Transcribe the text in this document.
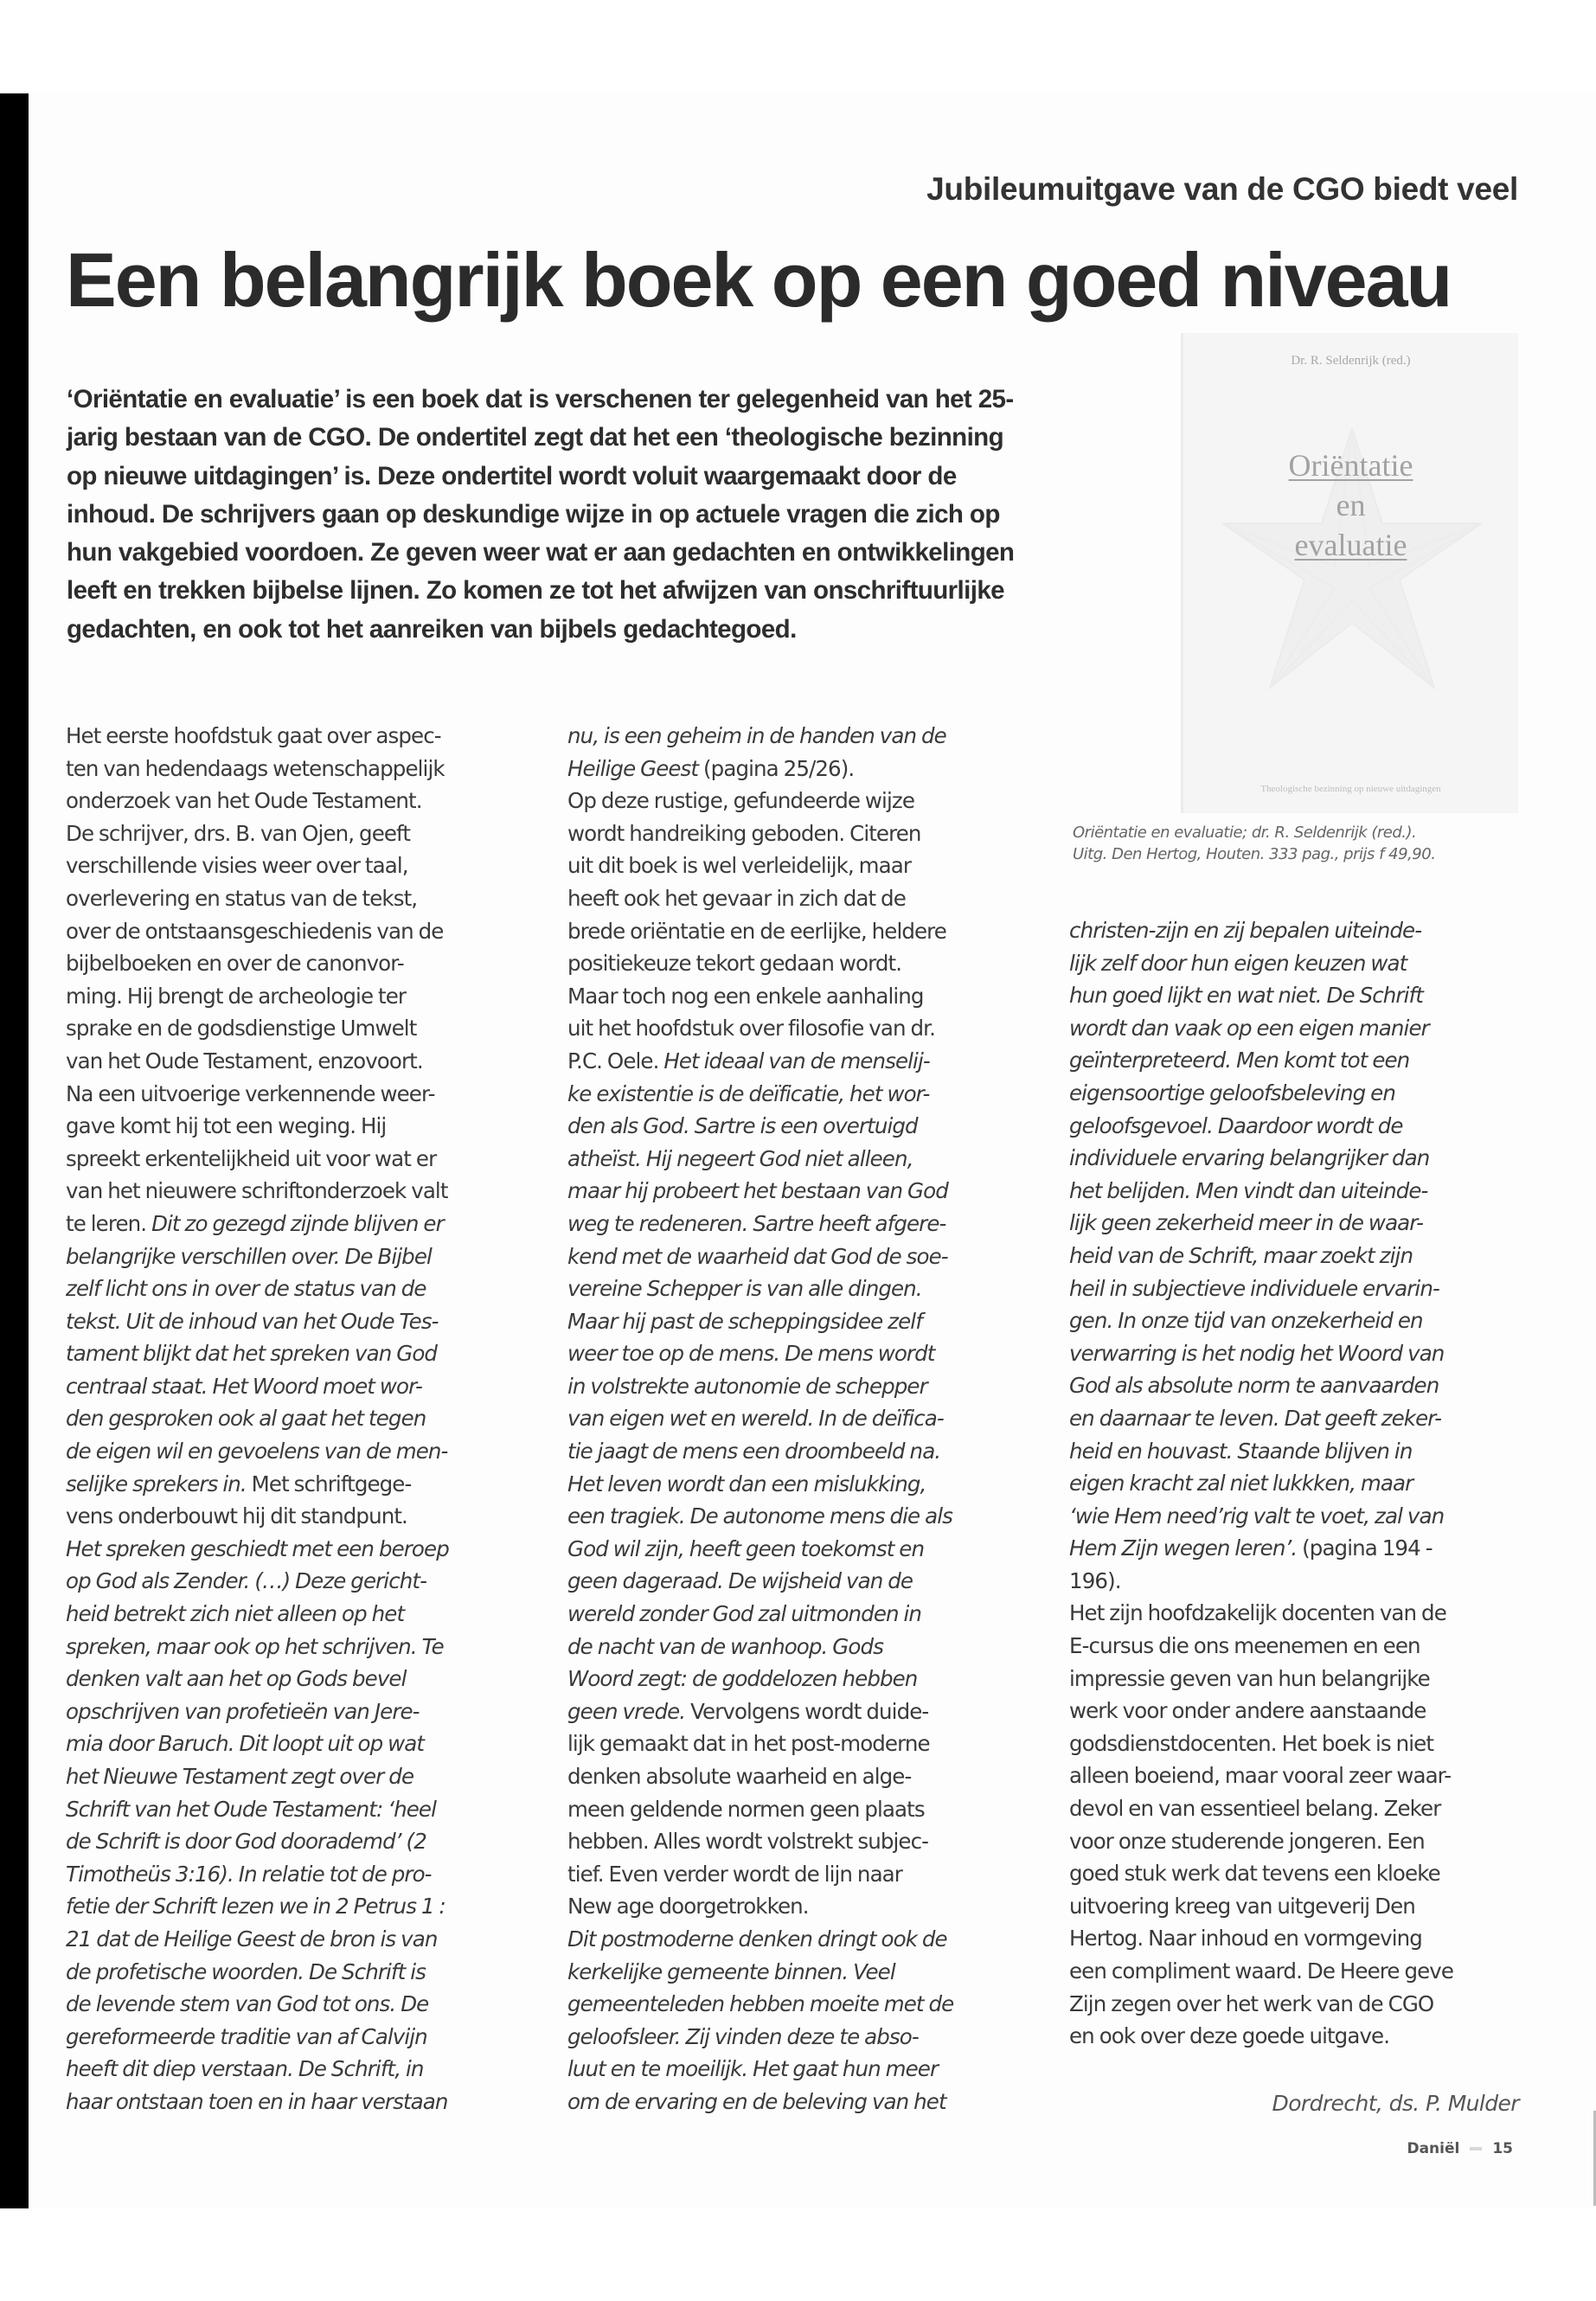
Jubileumuitgave van de CGO biedt veel
Een belangrijk boek op een goed niveau

‘Oriëntatie en evaluatie’ is een boek dat is verschenen ter gelegenheid van het 25-jarig bestaan van de CGO. De ondertitel zegt dat het een ‘theologische bezinning op nieuwe uitdagingen’ is. Deze ondertitel wordt voluit waargemaakt door de inhoud. De schrijvers gaan op deskundige wijze in op actuele vragen die zich op hun vakgebied voordoen. Ze geven weer wat er aan gedachten en ontwikkelingen leeft en trekken bijbelse lijnen. Zo komen ze tot het afwijzen van onschriftuurlijke gedachten, en ook tot het aanreiken van bijbels gedachtegoed.

Dr. R. Seldenrijk (red.)
Oriëntatie
en
evaluatie
Theologische bezinning op nieuwe uitdagingen

Oriëntatie en evaluatie; dr. R. Seldenrijk (red.).
Uitg. Den Hertog, Houten. 333 pag., prijs f 49,90.

Het eerste hoofdstuk gaat over aspec-
ten van hedendaags wetenschappelijk
onderzoek van het Oude Testament.
De schrijver, drs. B. van Ojen, geeft
verschillende visies weer over taal,
overlevering en status van de tekst,
over de ontstaansgeschiedenis van de
bijbelboeken en over de canonvor-
ming. Hij brengt de archeologie ter
sprake en de godsdienstige Umwelt
van het Oude Testament, enzovoort.
Na een uitvoerige verkennende weer-
gave komt hij tot een weging. Hij
spreekt erkentelijkheid uit voor wat er
van het nieuwere schriftonderzoek valt
te leren. Dit zo gezegd zijnde blijven er
belangrijke verschillen over. De Bijbel
zelf licht ons in over de status van de
tekst. Uit de inhoud van het Oude Tes-
tament blijkt dat het spreken van God
centraal staat. Het Woord moet wor-
den gesproken ook al gaat het tegen
de eigen wil en gevoelens van de men-
selijke sprekers in. Met schriftgege-
vens onderbouwt hij dit standpunt.
Het spreken geschiedt met een beroep
op God als Zender. (…) Deze gericht-
heid betrekt zich niet alleen op het
spreken, maar ook op het schrijven. Te
denken valt aan het op Gods bevel
opschrijven van profetieën van Jere-
mia door Baruch. Dit loopt uit op wat
het Nieuwe Testament zegt over de
Schrift van het Oude Testament: ‘heel
de Schrift is door God doorademd’ (2
Timotheüs 3:16). In relatie tot de pro-
fetie der Schrift lezen we in 2 Petrus 1 :
21 dat de Heilige Geest de bron is van
de profetische woorden. De Schrift is
de levende stem van God tot ons. De
gereformeerde traditie van af Calvijn
heeft dit diep verstaan. De Schrift, in
haar ontstaan toen en in haar verstaan
nu, is een geheim in de handen van de
Heilige Geest (pagina 25/26).
Op deze rustige, gefundeerde wijze
wordt handreiking geboden. Citeren
uit dit boek is wel verleidelijk, maar
heeft ook het gevaar in zich dat de
brede oriëntatie en de eerlijke, heldere
positiekeuze tekort gedaan wordt.
Maar toch nog een enkele aanhaling
uit het hoofdstuk over filosofie van dr.
P.C. Oele. Het ideaal van de menselij-
ke existentie is de deïficatie, het wor-
den als God. Sartre is een overtuigd
atheïst. Hij negeert God niet alleen,
maar hij probeert het bestaan van God
weg te redeneren. Sartre heeft afgere-
kend met de waarheid dat God de soe-
vereine Schepper is van alle dingen.
Maar hij past de scheppingsidee zelf
weer toe op de mens. De mens wordt
in volstrekte autonomie de schepper
van eigen wet en wereld. In de deïfica-
tie jaagt de mens een droombeeld na.
Het leven wordt dan een mislukking,
een tragiek. De autonome mens die als
God wil zijn, heeft geen toekomst en
geen dageraad. De wijsheid van de
wereld zonder God zal uitmonden in
de nacht van de wanhoop. Gods
Woord zegt: de goddelozen hebben
geen vrede. Vervolgens wordt duide-
lijk gemaakt dat in het post-moderne
denken absolute waarheid en alge-
meen geldende normen geen plaats
hebben. Alles wordt volstrekt subjec-
tief. Even verder wordt de lijn naar
New age doorgetrokken.
Dit postmoderne denken dringt ook de
kerkelijke gemeente binnen. Veel
gemeenteleden hebben moeite met de
geloofsleer. Zij vinden deze te abso-
luut en te moeilijk. Het gaat hun meer
om de ervaring en de beleving van het
christen-zijn en zij bepalen uiteinde-
lijk zelf door hun eigen keuzen wat
hun goed lijkt en wat niet. De Schrift
wordt dan vaak op een eigen manier
geïnterpreteerd. Men komt tot een
eigensoortige geloofsbeleving en
geloofsgevoel. Daardoor wordt de
individuele ervaring belangrijker dan
het belijden. Men vindt dan uiteinde-
lijk geen zekerheid meer in de waar-
heid van de Schrift, maar zoekt zijn
heil in subjectieve individuele ervarin-
gen. In onze tijd van onzekerheid en
verwarring is het nodig het Woord van
God als absolute norm te aanvaarden
en daarnaar te leven. Dat geeft zeker-
heid en houvast. Staande blijven in
eigen kracht zal niet lukkken, maar
‘wie Hem need’rig valt te voet, zal van
Hem Zijn wegen leren’. (pagina 194 -
196).
Het zijn hoofdzakelijk docenten van de
E-cursus die ons meenemen en een
impressie geven van hun belangrijke
werk voor onder andere aanstaande
godsdienstdocenten. Het boek is niet
alleen boeiend, maar vooral zeer waar-
devol en van essentieel belang. Zeker
voor onze studerende jongeren. Een
goed stuk werk dat tevens een kloeke
uitvoering kreeg van uitgeverij Den
Hertog. Naar inhoud en vormgeving
een compliment waard. De Heere geve
Zijn zegen over het werk van de CGO
en ook over deze goede uitgave.

Dordrecht, ds. P. Mulder

Daniël 15
